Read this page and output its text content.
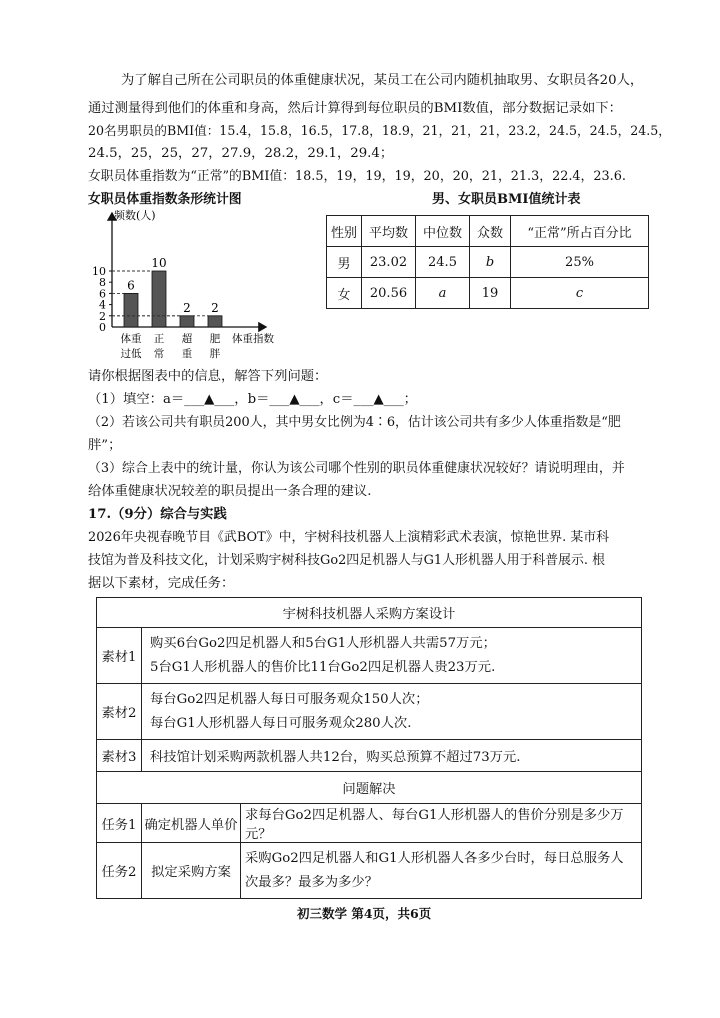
为了解自己所在公司职员的体重健康状况，某员工在公司内随机抽取男、女职员各20人，
通过测量得到他们的体重和身高，然后计算得到每位职员的BMI数值，部分数据记录如下：
20名男职员的BMI值：15.4，15.8，16.5，17.8，18.9，21，21，21，23.2，24.5，24.5，24.5，
24.5，25，25，27，27.9，28.2，29.1，29.4；
女职员体重指数为“正常”的BMI值：18.5，19，19，19，20，20，21，21.3，22.4，23.6.
女职员体重指数条形统计图
频数(人)
体重指数
0
2
4
6
8
10
6
体重
过低
10
正
常
2
超
重
2
肥
胖
男、女职员BMI值统计表
性别	平均数	中位数	众数	“正常”所占百分比
男	23.02	24.5	b	25%
女	20.56	a	19	c
请你根据图表中的信息，解答下列问题：
（1）填空：a＝___▲___，b＝___▲___，c＝___▲___；
（2）若该公司共有职员200人，其中男女比例为4∶6，估计该公司共有多少人体重指数是“肥
胖”；
（3）综合上表中的统计量，你认为该公司哪个性别的职员体重健康状况较好？请说明理由，并
给体重健康状况较差的职员提出一条合理的建议.
17.（9分）综合与实践
2026年央视春晚节目《武BOT》中，宇树科技机器人上演精彩武术表演，惊艳世界. 某市科
技馆为普及科技文化，计划采购宇树科技Go2四足机器人与G1人形机器人用于科普展示. 根
据以下素材，完成任务：
宇树科技机器人采购方案设计		
素材1	购买6台Go2四足机器人和5台G1人形机器人共需57万元；
5台G1人形机器人的售价比11台Go2四足机器人贵23万元.	

素材2	每台Go2四足机器人每日可服务观众150人次；
每台G1人形机器人每日可服务观众280人次.	

素材3	科技馆计划采购两款机器人共12台，购买总预算不超过73万元.	
问题解决		
任务1	确定机器人单价	求每台Go2四足机器人、每台G1人形机器人的售价分别是多少万元？
任务2	拟定采购方案	采购Go2四足机器人和G1人形机器人各多少台时，每日总服务人
次最多？最多为多少？
初三数学 第4页，共6页
